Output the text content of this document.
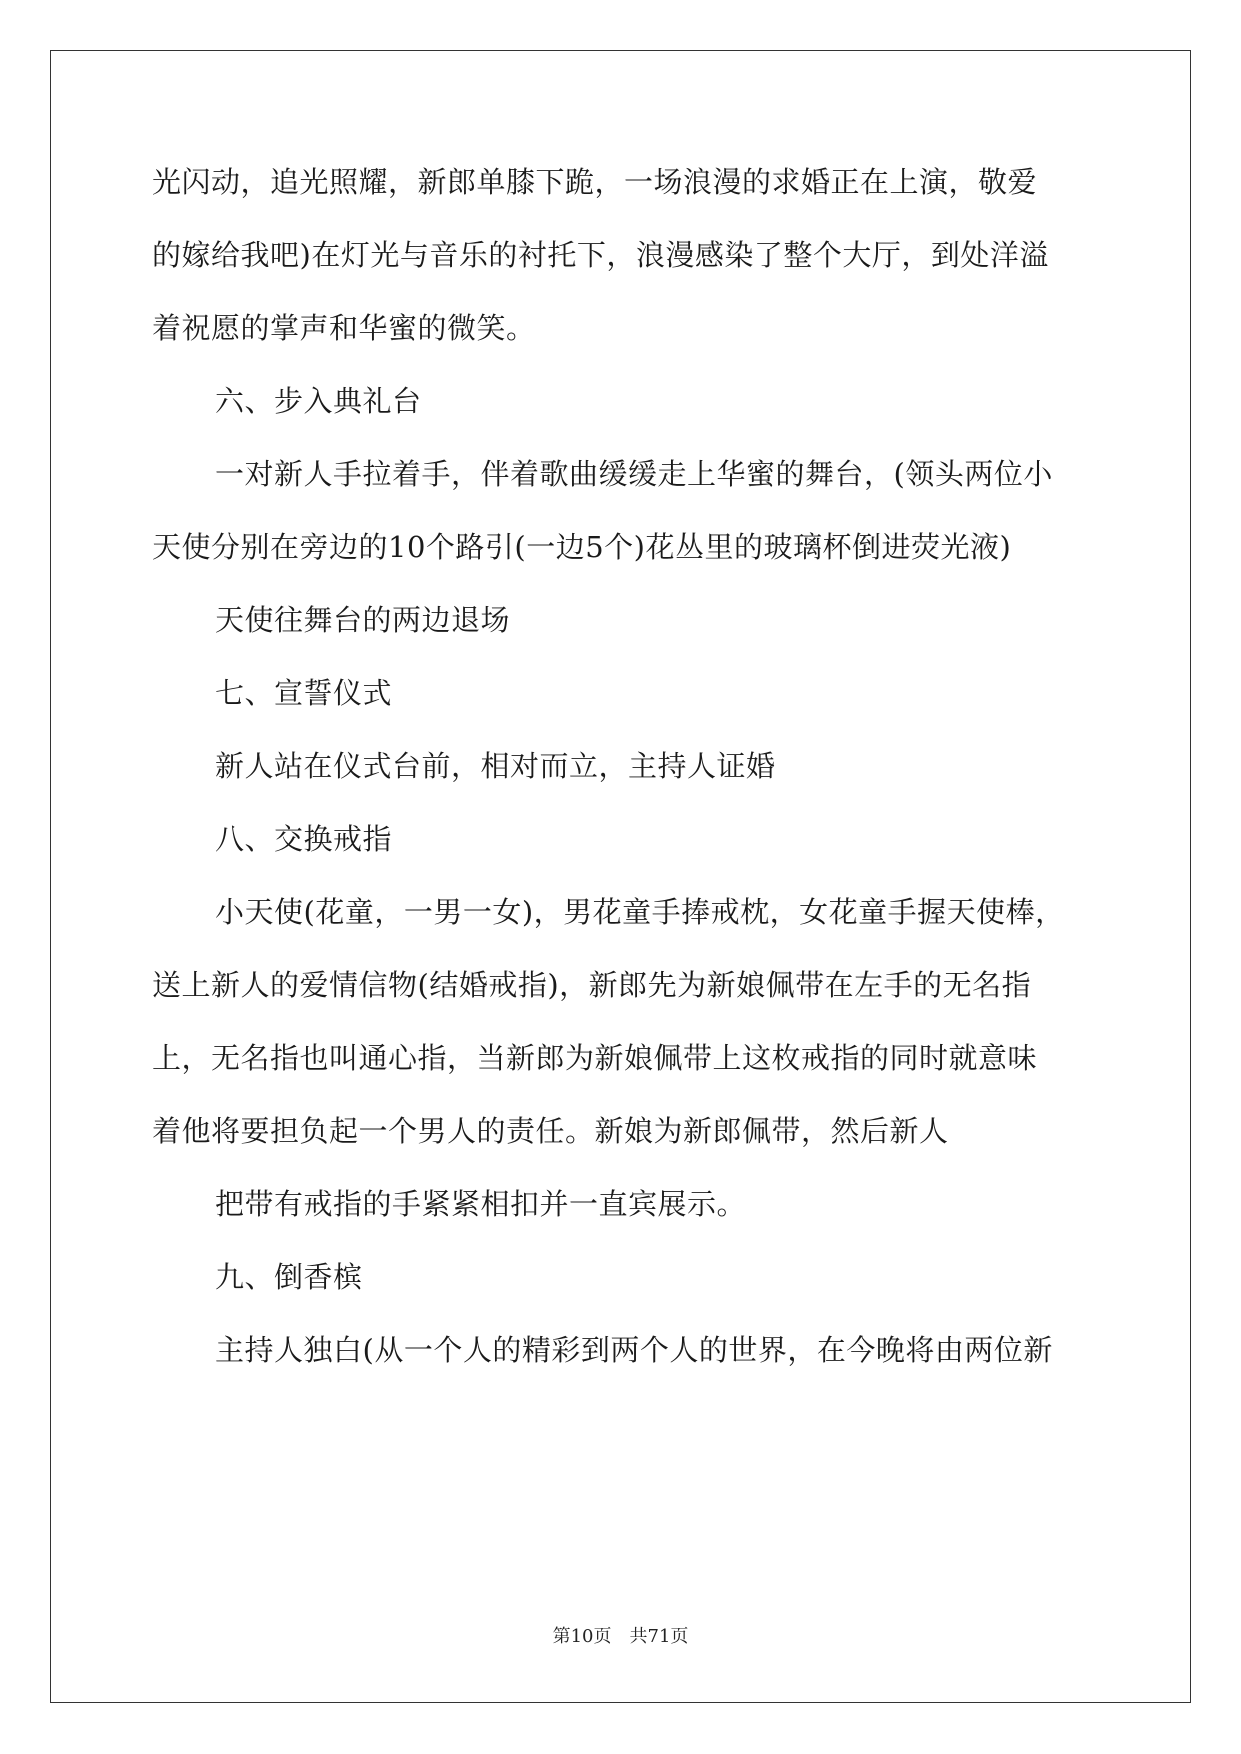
光闪动，追光照耀，新郎单膝下跪，一场浪漫的求婚正在上演，敬爱
的嫁给我吧)在灯光与音乐的衬托下，浪漫感染了整个大厅，到处洋溢
着祝愿的掌声和华蜜的微笑。
六、步入典礼台
一对新人手拉着手，伴着歌曲缓缓走上华蜜的舞台，(领头两位小
天使分别在旁边的10个路引(一边5个)花丛里的玻璃杯倒进荧光液)
天使往舞台的两边退场
七、宣誓仪式
新人站在仪式台前，相对而立，主持人证婚
八、交换戒指
小天使(花童，一男一女)，男花童手捧戒枕，女花童手握天使棒，
送上新人的爱情信物(结婚戒指)，新郎先为新娘佩带在左手的无名指
上，无名指也叫通心指，当新郎为新娘佩带上这枚戒指的同时就意味
着他将要担负起一个男人的责任。新娘为新郎佩带，然后新人
把带有戒指的手紧紧相扣并一直宾展示。
九、倒香槟
主持人独白(从一个人的精彩到两个人的世界，在今晚将由两位新
第10页　共71页
